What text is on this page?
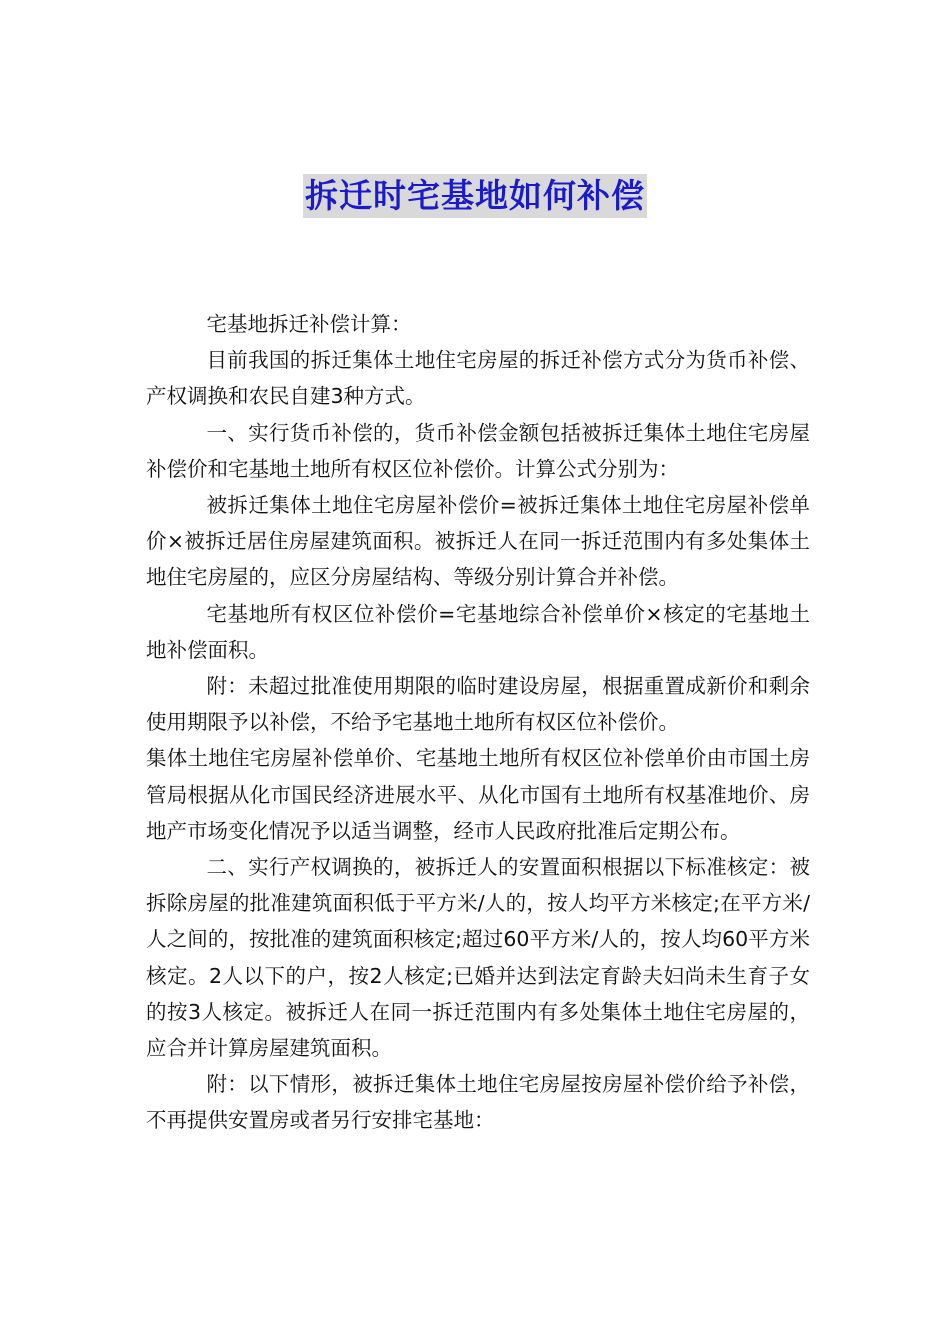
拆迁时宅基地如何补偿

宅基地拆迁补偿计算：

目前我国的拆迁集体土地住宅房屋的拆迁补偿方式分为货币补偿、产权调换和农民自建3种方式。

一、实行货币补偿的，货币补偿金额包括被拆迁集体土地住宅房屋补偿价和宅基地土地所有权区位补偿价。计算公式分别为：

被拆迁集体土地住宅房屋补偿价=被拆迁集体土地住宅房屋补偿单价×被拆迁居住房屋建筑面积。被拆迁人在同一拆迁范围内有多处集体土地住宅房屋的，应区分房屋结构、等级分别计算合并补偿。

宅基地所有权区位补偿价=宅基地综合补偿单价×核定的宅基地土地补偿面积。

附：未超过批准使用期限的临时建设房屋，根据重置成新价和剩余使用期限予以补偿，不给予宅基地土地所有权区位补偿价。

集体土地住宅房屋补偿单价、宅基地土地所有权区位补偿单价由市国土房管局根据从化市国民经济进展水平、从化市国有土地所有权基准地价、房地产市场变化情况予以适当调整，经市人民政府批准后定期公布。

二、实行产权调换的，被拆迁人的安置面积根据以下标准核定：被拆除房屋的批准建筑面积低于平方米/人的，按人均平方米核定;在平方米/人之间的，按批准的建筑面积核定;超过60平方米/人的，按人均60平方米核定。2人以下的户，按2人核定;已婚并达到法定育龄夫妇尚未生育子女的按3人核定。被拆迁人在同一拆迁范围内有多处集体土地住宅房屋的，应合并计算房屋建筑面积。

附：以下情形，被拆迁集体土地住宅房屋按房屋补偿价给予补偿，不再提供安置房或者另行安排宅基地：
